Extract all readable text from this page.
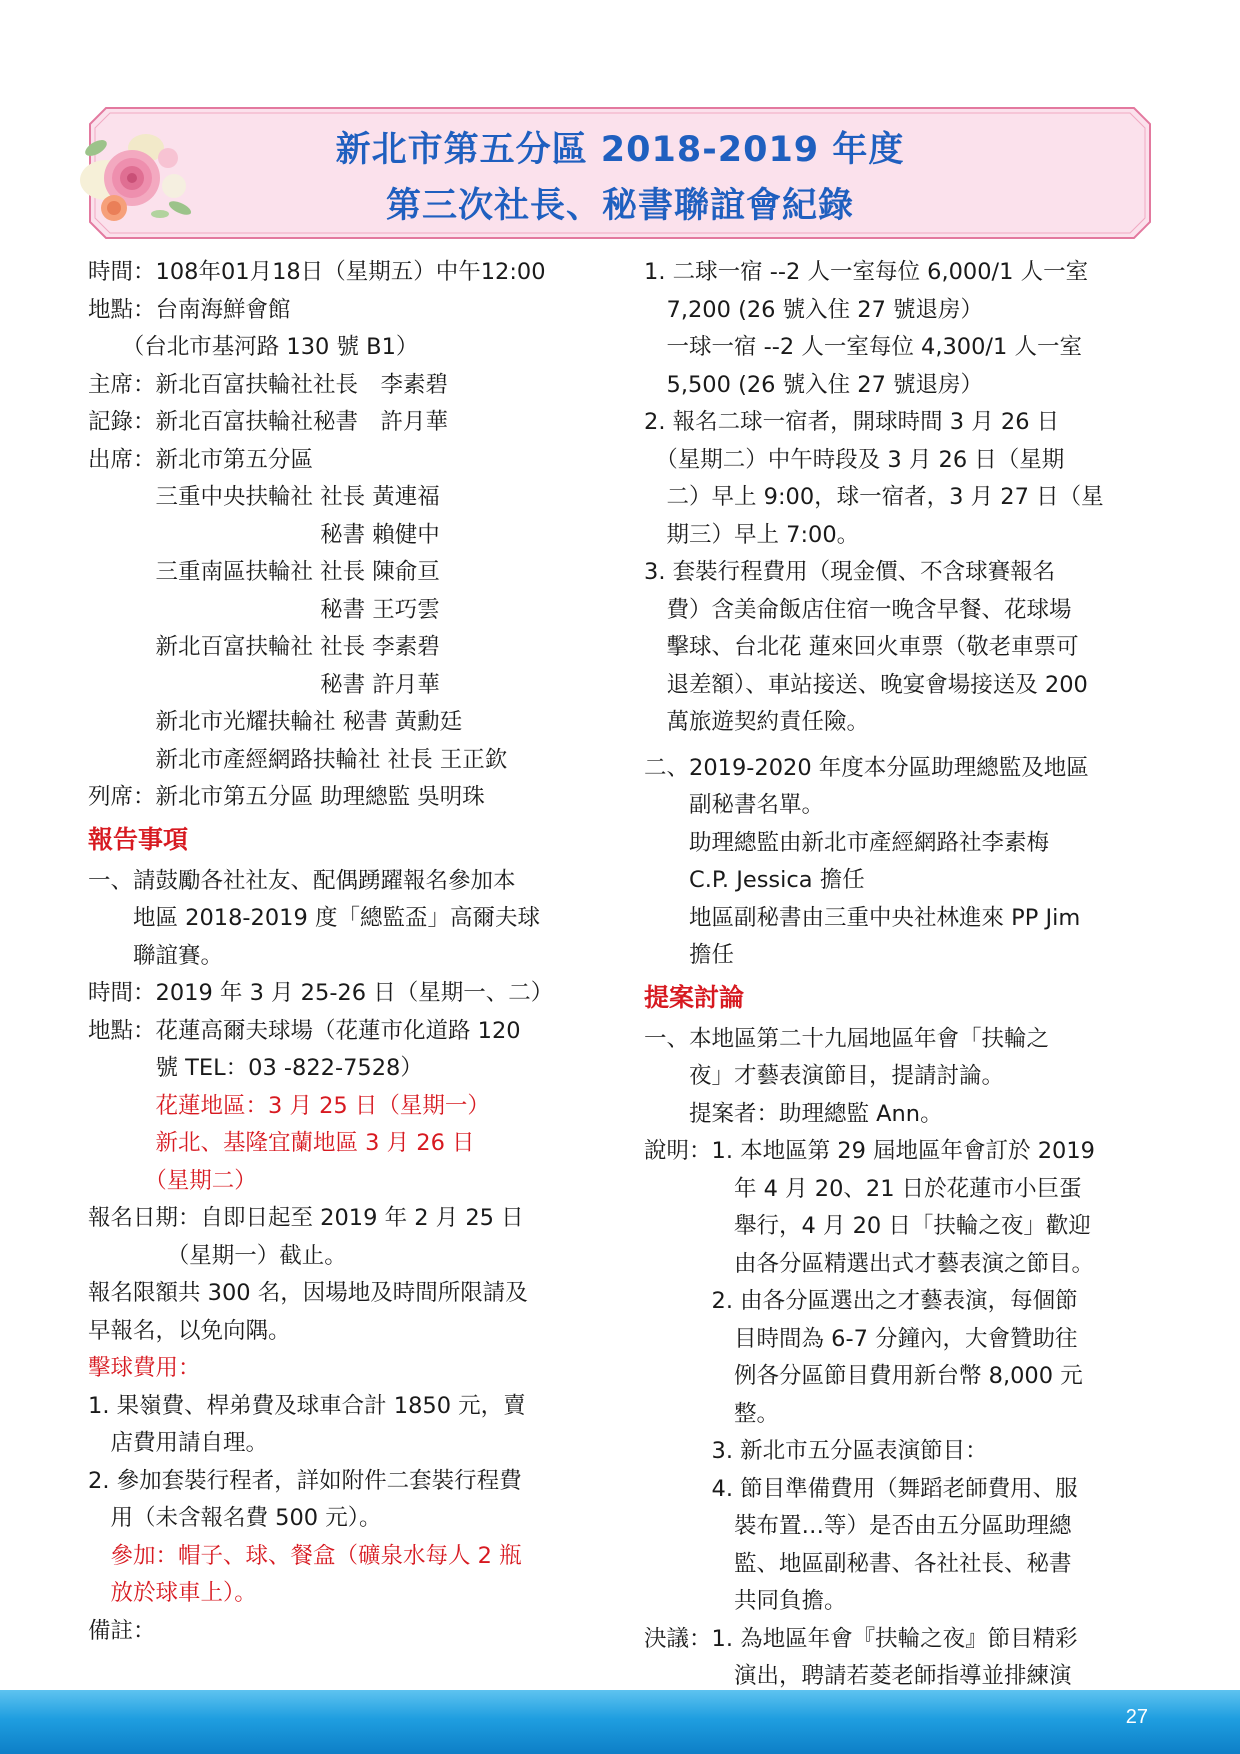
新北市第五分區 2018-2019 年度
第三次社長、秘書聯誼會紀錄
時間：108年01月18日（星期五）中午12:00
地點：台南海鮮會館
　　（台北市基河路 130 號 B1）
主席：新北百富扶輪社社長　李素碧
記錄：新北百富扶輪社秘書　許月華
出席：新北市第五分區
　　　三重中央扶輪社 社長 黃連福
　　　　　　　　　　 秘書 賴健中
　　　三重南區扶輪社 社長 陳俞亘
　　　　　　　　　　 秘書 王巧雲
　　　新北百富扶輪社 社長 李素碧
　　　　　　　　　　 秘書 許月華
　　　新北市光耀扶輪社 秘書 黃勳廷
　　　新北市產經網路扶輪社 社長 王正欽
列席：新北市第五分區 助理總監 吳明珠
報告事項
一、請鼓勵各社社友、配偶踴躍報名參加本
　　地區 2018-2019 度「總監盃」高爾夫球
　　聯誼賽。
時間：2019 年 3 月 25-26 日（星期一、二）
地點：花蓮高爾夫球場（花蓮市化道路 120
　　　號 TEL：03 -822-7528）
　　　花蓮地區：3 月 25 日（星期一）
　　　新北、基隆宜蘭地區 3 月 26 日
　　　（星期二）
報名日期：自即日起至 2019 年 2 月 25 日
　　　　（星期一）截止。
報名限額共 300 名，因場地及時間所限請及
早報名，以免向隅。
擊球費用：
1. 果嶺費、桿弟費及球車合計 1850 元，賣
　店費用請自理。
2. 參加套裝行程者，詳如附件二套裝行程費
　用（未含報名費 500 元）。
　參加：帽子、球、餐盒（礦泉水每人 2 瓶
　放於球車上）。
備註：
1. 二球一宿 --2 人一室每位 6,000/1 人一室
　7,200 (26 號入住 27 號退房）
　一球一宿 --2 人一室每位 4,300/1 人一室
　5,500 (26 號入住 27 號退房）
2. 報名二球一宿者，開球時間 3 月 26 日
　（星期二）中午時段及 3 月 26 日（星期
　二）早上 9:00，球一宿者，3 月 27 日（星
　期三）早上 7:00。
3. 套裝行程費用（現金價、不含球賽報名
　費）含美侖飯店住宿一晚含早餐、花球場
　擊球、台北花 蓮來回火車票（敬老車票可
　退差額）、車站接送、晚宴會場接送及 200
　萬旅遊契約責任險。
二、2019-2020 年度本分區助理總監及地區
　　副秘書名單。
　　助理總監由新北市產經網路社李素梅
　　C.P. Jessica 擔任
　　地區副秘書由三重中央社林進來 PP Jim
　　擔任
提案討論
一、本地區第二十九屆地區年會「扶輪之
　　夜」才藝表演節目，提請討論。
　　提案者：助理總監 Ann。
說明：1. 本地區第 29 屆地區年會訂於 2019
　　　　年 4 月 20、21 日於花蓮市小巨蛋
　　　　舉行，4 月 20 日「扶輪之夜」歡迎
　　　　由各分區精選出式才藝表演之節目。
　　　2. 由各分區選出之才藝表演，每個節
　　　　目時間為 6-7 分鐘內，大會贊助往
　　　　例各分區節目費用新台幣 8,000 元
　　　　整。
　　　3. 新北市五分區表演節目：
　　　4. 節目準備費用（舞蹈老師費用、服
　　　　裝布置…等）是否由五分區助理總
　　　　監、地區副秘書、各社社長、秘書
　　　　共同負擔。
決議：1. 為地區年會『扶輪之夜』節目精彩
　　　　演出，聘請若菱老師指導並排練演
27
